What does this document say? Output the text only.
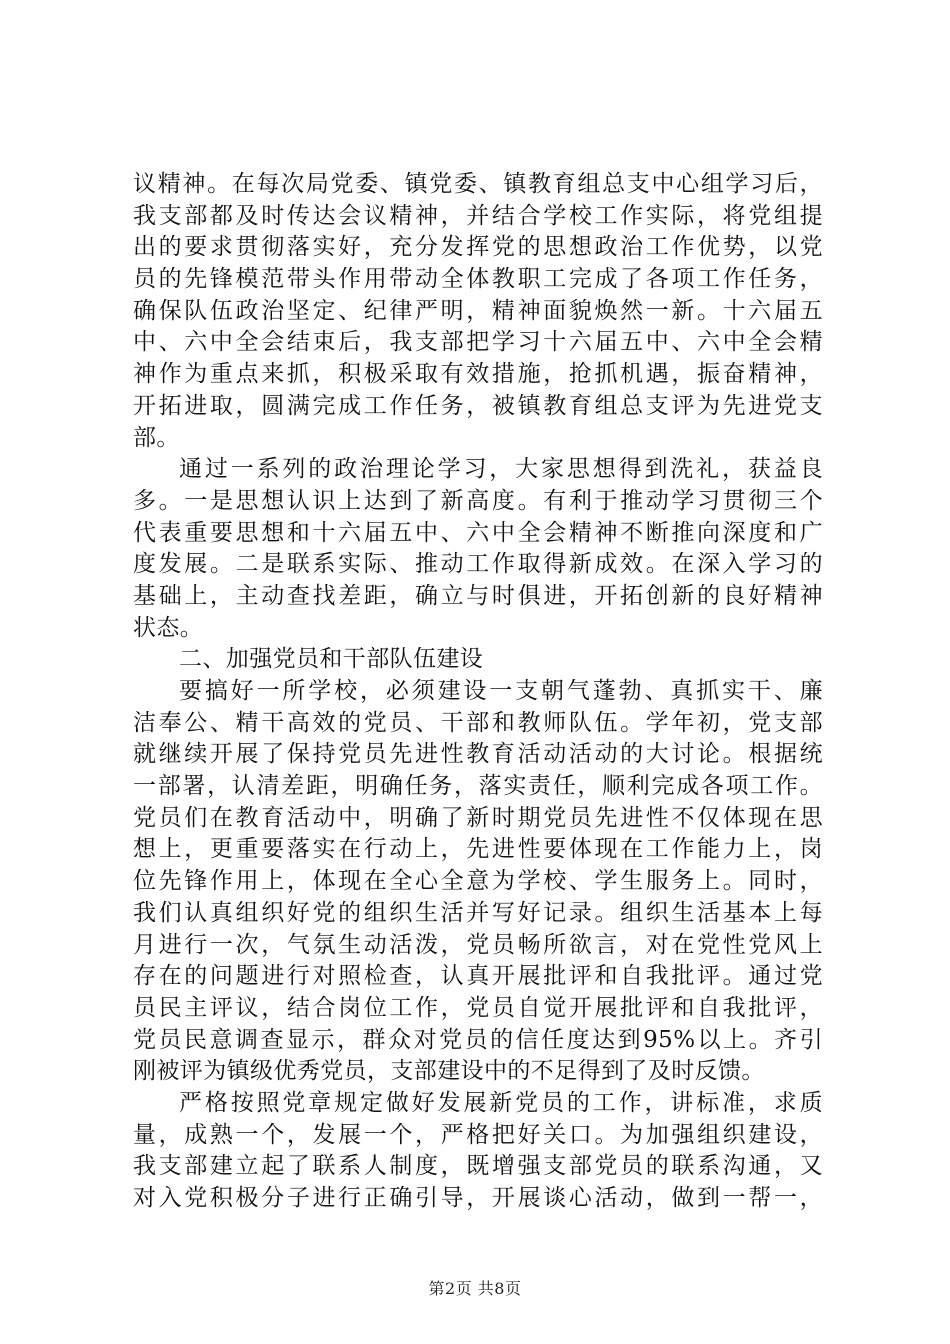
议精神。在每次局党委、镇党委、镇教育组总支中心组学习后，
我支部都及时传达会议精神，并结合学校工作实际，将党组提
出的要求贯彻落实好，充分发挥党的思想政治工作优势，以党
员的先锋模范带头作用带动全体教职工完成了各项工作任务，
确保队伍政治坚定、纪律严明，精神面貌焕然一新。十六届五
中、六中全会结束后，我支部把学习十六届五中、六中全会精
神作为重点来抓，积极采取有效措施，抢抓机遇，振奋精神，
开拓进取，圆满完成工作任务，被镇教育组总支评为先进党支
部。
通过一系列的政治理论学习，大家思想得到洗礼，获益良
多。一是思想认识上达到了新高度。有利于推动学习贯彻三个
代表重要思想和十六届五中、六中全会精神不断推向深度和广
度发展。二是联系实际、推动工作取得新成效。在深入学习的
基础上，主动查找差距，确立与时俱进，开拓创新的良好精神
状态。
二、加强党员和干部队伍建设
要搞好一所学校，必须建设一支朝气蓬勃、真抓实干、廉
洁奉公、精干高效的党员、干部和教师队伍。学年初，党支部
就继续开展了保持党员先进性教育活动活动的大讨论。根据统
一部署，认清差距，明确任务，落实责任，顺利完成各项工作。
党员们在教育活动中，明确了新时期党员先进性不仅体现在思
想上，更重要落实在行动上，先进性要体现在工作能力上，岗
位先锋作用上，体现在全心全意为学校、学生服务上。同时，
我们认真组织好党的组织生活并写好记录。组织生活基本上每
月进行一次，气氛生动活泼，党员畅所欲言，对在党性党风上
存在的问题进行对照检查，认真开展批评和自我批评。通过党
员民主评议，结合岗位工作，党员自觉开展批评和自我批评，
党员民意调查显示，群众对党员的信任度达到95%以上。齐引
刚被评为镇级优秀党员，支部建设中的不足得到了及时反馈。
严格按照党章规定做好发展新党员的工作，讲标准，求质
量，成熟一个，发展一个，严格把好关口。为加强组织建设，
我支部建立起了联系人制度，既增强支部党员的联系沟通，又
对入党积极分子进行正确引导，开展谈心活动，做到一帮一，
第2页 共8页
